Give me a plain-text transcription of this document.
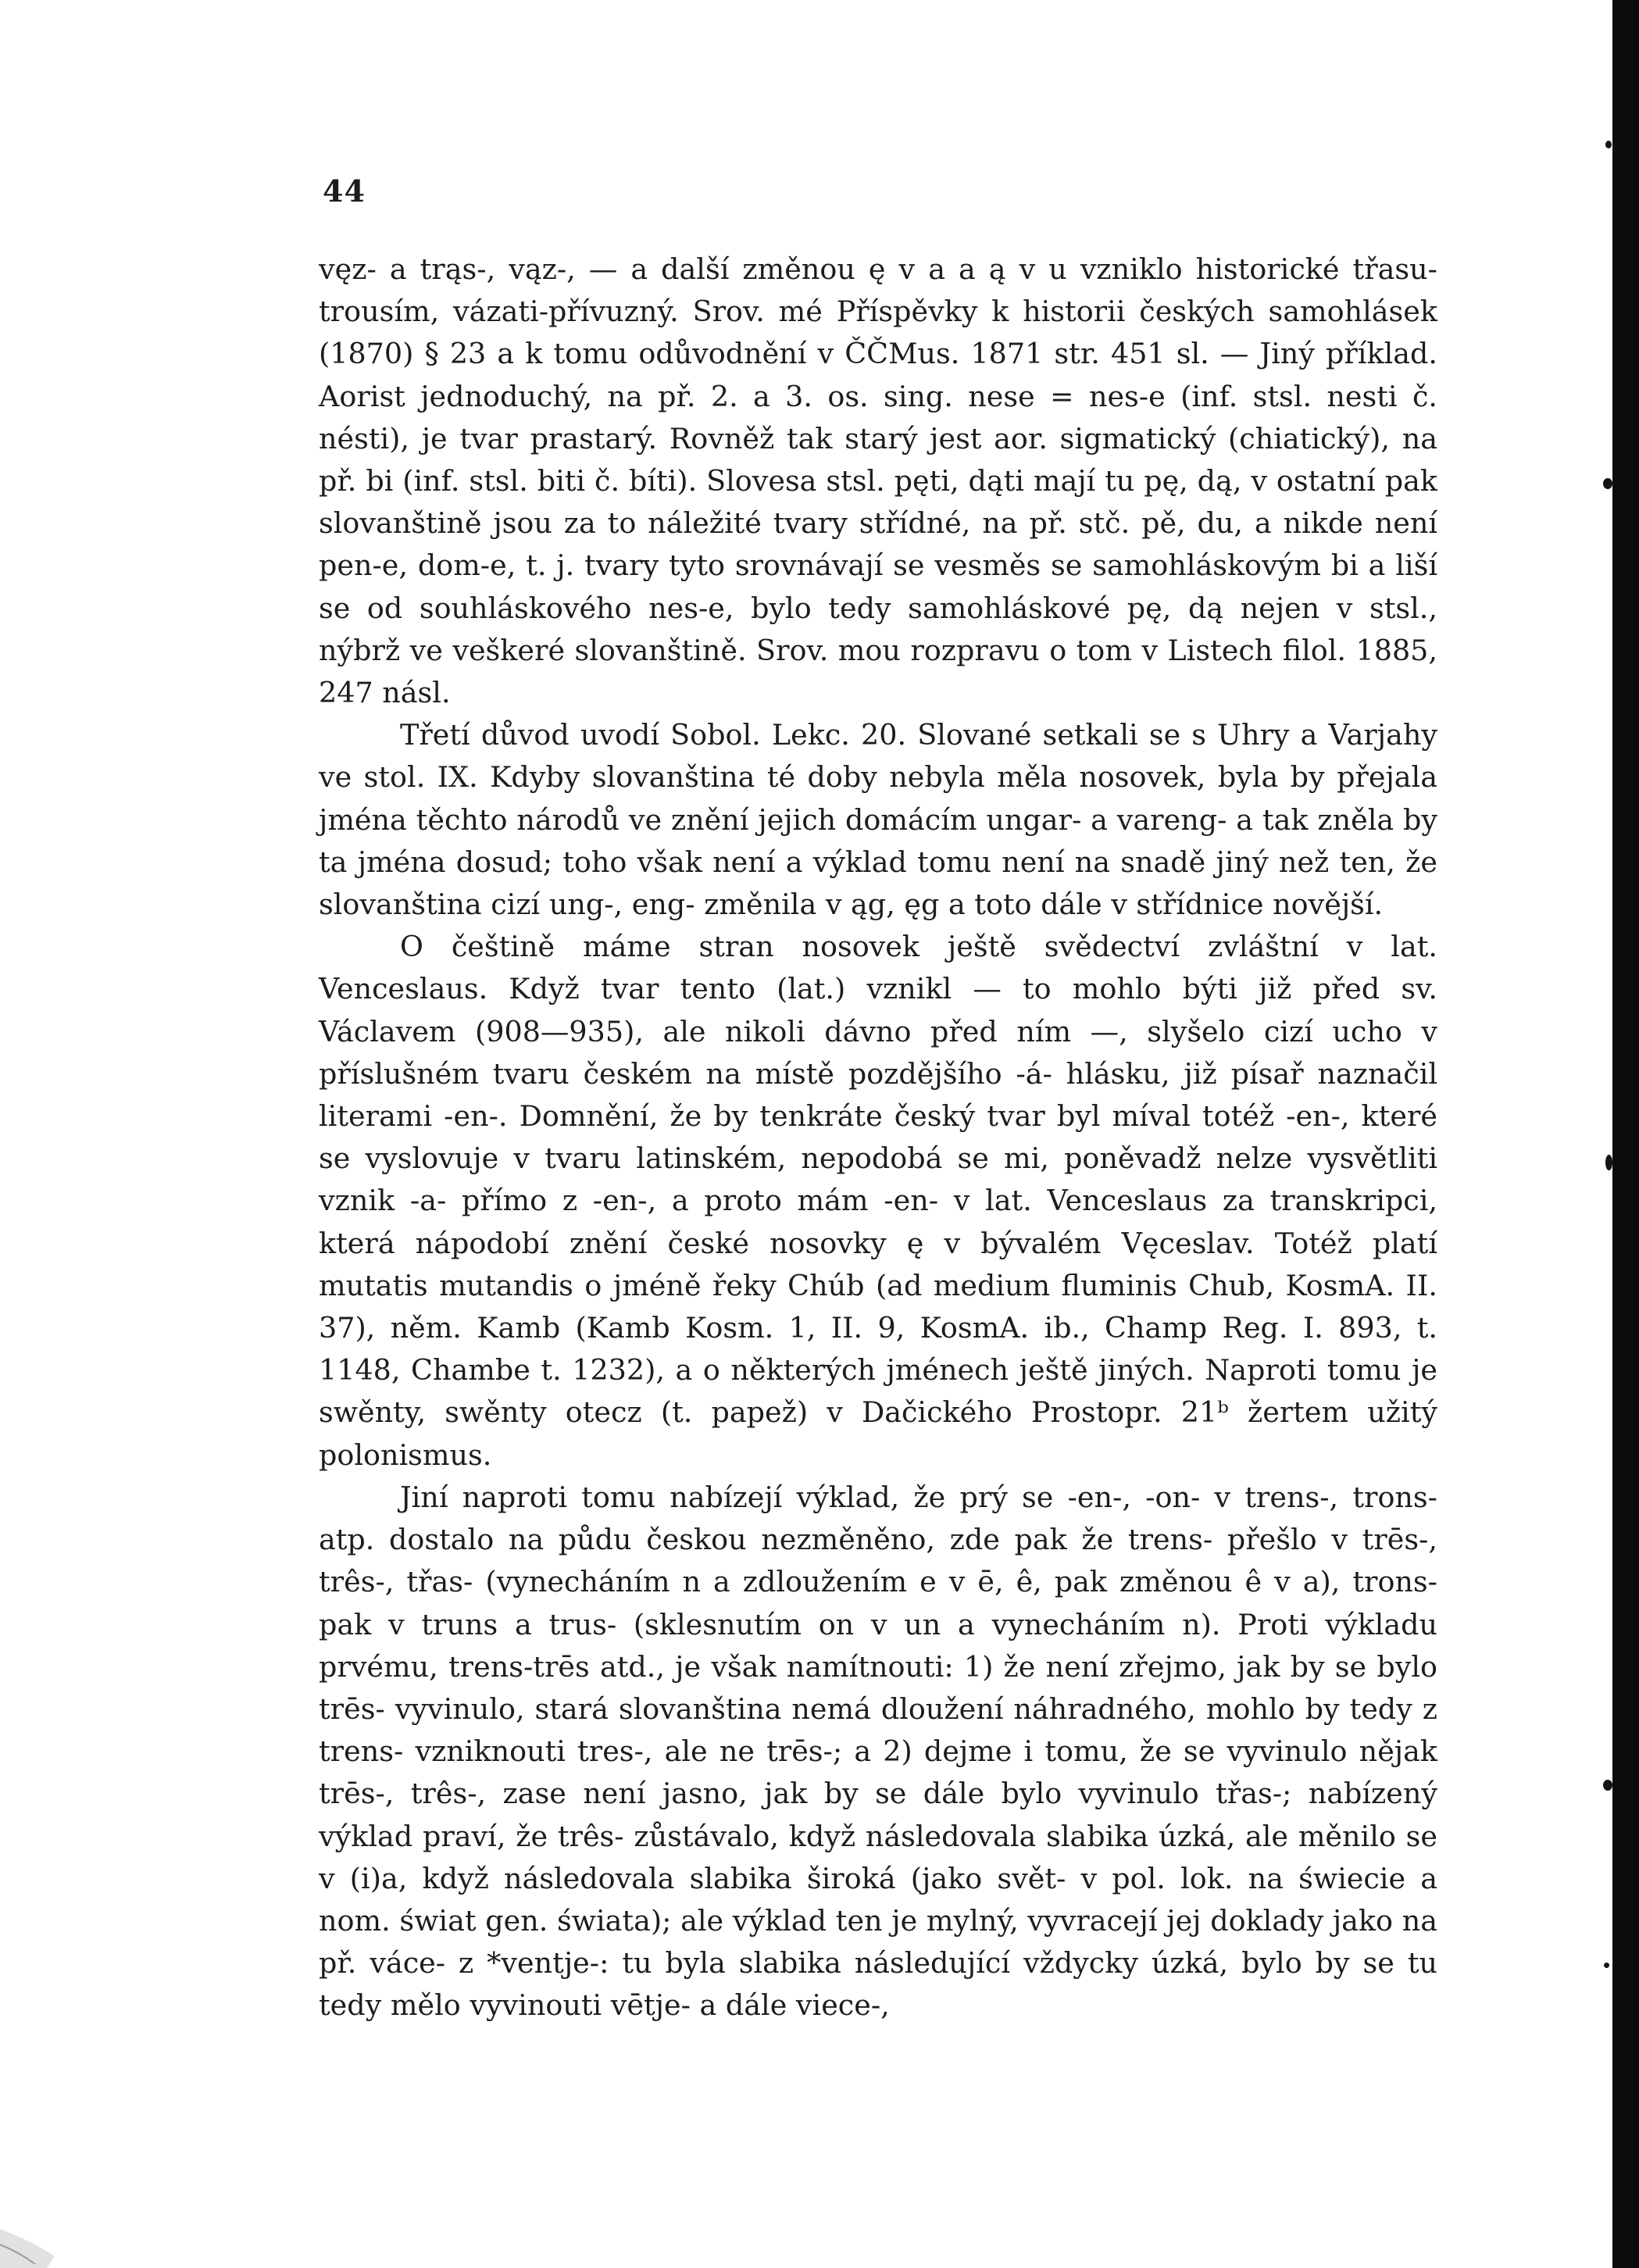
44

vęz- a trąs-, vąz-, — a další změnou ę v a a ą v u vzniklo historické třasu-trousím, vázati-přívuzný. Srov. mé Příspěvky k historii českých samohlásek (1870) § 23 a k tomu odůvodnění v ČČMus. 1871 str. 451 sl. — Jiný příklad. Aorist jednoduchý, na př. 2. a 3. os. sing. nese = nes-e (inf. stsl. nesti č. nésti), je tvar prastarý. Rovněž tak starý jest aor. sigmatický (chiatický), na př. bi (inf. stsl. biti č. bíti). Slovesa stsl. pęti, dąti mají tu pę, dą, v ostatní pak slovanštině jsou za to náležité tvary střídné, na př. stč. pě, du, a nikde není pen-e, dom-e, t. j. tvary tyto srovnávají se vesměs se samohláskovým bi a liší se od souhláskového nes-e, bylo tedy samohláskové pę, dą nejen v stsl., nýbrž ve veškeré slovanštině. Srov. mou rozpravu o tom v Listech filol. 1885, 247 násl.

Třetí důvod uvodí Sobol. Lekc. 20. Slované setkali se s Uhry a Varjahy ve stol. IX. Kdyby slovanština té doby nebyla měla nosovek, byla by přejala jména těchto národů ve znění jejich domácím ungar- a vareng- a tak zněla by ta jména dosud; toho však není a výklad tomu není na snadě jiný než ten, že slovanština cizí ung-, eng- změnila v ąg, ęg a toto dále v střídnice novější.

O češtině máme stran nosovek ještě svědectví zvláštní v lat. Venceslaus. Když tvar tento (lat.) vznikl — to mohlo býti již před sv. Václavem (908—935), ale nikoli dávno před ním —, slyšelo cizí ucho v příslušném tvaru českém na místě pozdějšího -á- hlásku, již písař naznačil literami -en-. Domnění, že by tenkráte český tvar byl míval totéž -en-, které se vyslovuje v tvaru latinském, nepodobá se mi, poněvadž nelze vysvětliti vznik -a- přímo z -en-, a proto mám -en- v lat. Venceslaus za transkripci, která nápodobí znění české nosovky ę v bývalém Vęceslav. Totéž platí mutatis mutandis o jméně řeky Chúb (ad medium fluminis Chub, KosmA. II. 37), něm. Kamb (Kamb Kosm. 1, II. 9, KosmA. ib., Champ Reg. I. 893, t. 1148, Chambe t. 1232), a o některých jménech ještě jiných. Naproti tomu je swěnty, swěnty otecz (t. papež) v Dačického Prostopr. 21ᵇ žertem užitý polonismus.

Jiní naproti tomu nabízejí výklad, že prý se -en-, -on- v trens-, trons- atp. dostalo na půdu českou nezměněno, zde pak že trens- přešlo v trēs-, três-, třas- (vynecháním n a zdloužením e v ē, ê, pak změnou ê v a), trons- pak v truns a trus- (sklesnutím on v un a vynecháním n). Proti výkladu prvému, trens-trēs atd., je však namítnouti: 1) že není zřejmo, jak by se bylo trēs- vyvinulo, stará slovanština nemá dloužení náhradného, mohlo by tedy z trens- vzniknouti tres-, ale ne trēs-; a 2) dejme i tomu, že se vyvinulo nějak trēs-, três-, zase není jasno, jak by se dále bylo vyvinulo třas-; nabízený výklad praví, že três- zůstávalo, když následovala slabika úzká, ale měnilo se v (i)a, když následovala slabika široká (jako svět- v pol. lok. na świecie a nom. świat gen. światа); ale výklad ten je mylný, vyvracejí jej doklady jako na př. váce- z *ventje-: tu byla slabika následující vždycky úzká, bylo by se tu tedy mělo vyvinouti vētje- a dále viece-,
